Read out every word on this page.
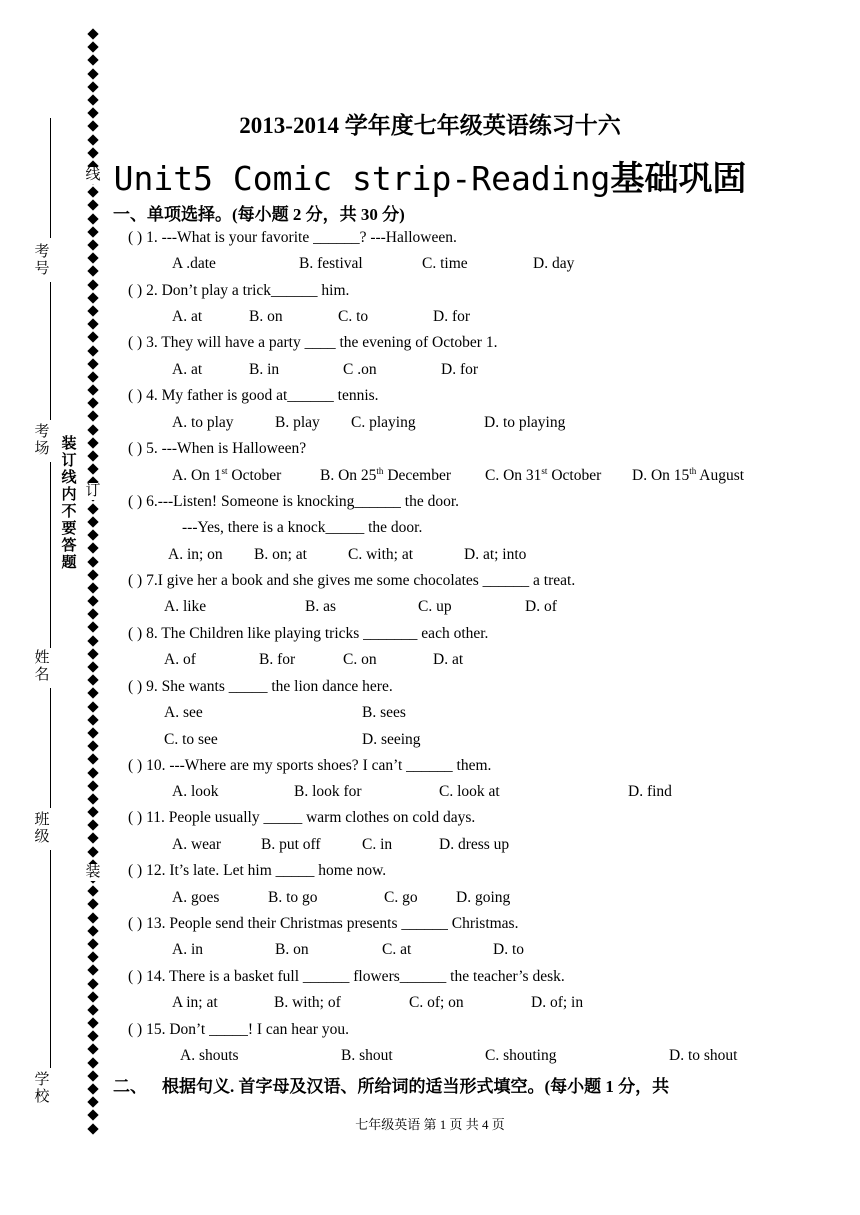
考号
考场
姓名
班级
学校
装订线内不要答题
线
订
装
2013-2014 学年度七年级英语练习十六
Unit5 Comic strip-Reading基础巩固
一、单项选择。(每小题 2 分，共 30 分)
( ) 1. ---What is your favorite ______? ---Halloween.
A .date	B. festival	C. time	D. day
( ) 2. Don’t play a trick______ him.
A. at	B. on	C. to	D. for
( ) 3. They will have a party ____ the evening of October 1.
A. at	B. in	C .on	D. for
( ) 4. My father is good at______ tennis.
A. to play	B. play C. playing	D. to playing
( ) 5. ---When is Halloween?
A. On 1st October B. On 25th December C. On 31st October D. On 15th August
( ) 6.---Listen! Someone is knocking______ the door.
---Yes, there is a knock_____ the door.
A. in; on B. on; at	C. with; at	D. at; into
( ) 7.I give her a book and she gives me some chocolates ______ a treat.
A. like	B. as	C. up	D. of
( ) 8. The Children like playing tricks _______ each other.
A. of	B. for	C. on	D. at
( ) 9. She wants _____ the lion dance here.
A. see	B. sees
C. to see	D. seeing
( ) 10. ---Where are my sports shoes? I can’t ______ them.
A. look	B. look for	C. look at	D. find
( ) 11. People usually _____ warm clothes on cold days.
A. wear	B. put off	C. in	D. dress up
( ) 12. It’s late. Let him _____ home now.
A. goes	B. to go	C. go D. going
( ) 13. People send their Christmas presents ______ Christmas.
A. in	B. on	C. at	D. to
( ) 14. There is a basket full ______ flowers______ the teacher’s desk.
A in; at	B. with; of	C. of; on	D. of; in
( ) 15. Don’t _____! I can hear you.
A. shouts	B. shout	C. shouting	D. to shout
二、 根据句义. 首字母及汉语、所给词的适当形式填空。(每小题 1 分，共
七年级英语 第 1 页 共 4 页
